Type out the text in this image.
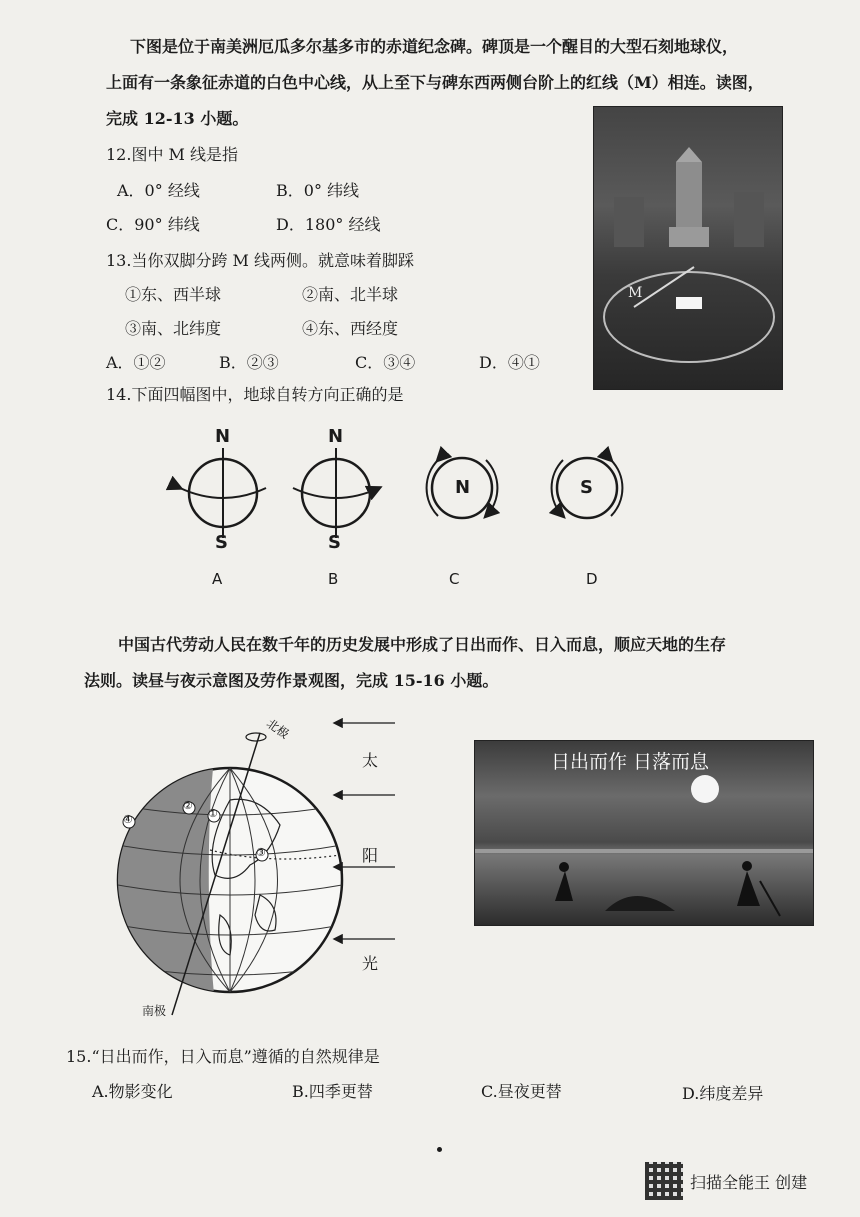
下图是位于南美洲厄瓜多尔基多市的赤道纪念碑。碑顶是一个醒目的大型石刻地球仪，
上面有一条象征赤道的白色中心线，从上至下与碑东西两侧台阶上的红线（M）相连。读图，
完成 12-13 小题。
M
12.图中 M 线是指
A．0° 经线	B．0° 纬线
C．90° 纬线	D．180° 经线
13.当你双脚分跨 M 线两侧。就意味着脚踩
①东、西半球	②南、北半球
③南、北纬度	④东、西经度
A．①②	B．②③	C．③④	D．④①
14.下面四幅图中，地球自转方向正确的是
N
S
A
N
S
B
N
C
S
D
中国古代劳动人民在数千年的历史发展中形成了日出而作、日入而息，顺应天地的生存
法则。读昼与夜示意图及劳作景观图，完成 15-16 小题。
北极
南极
②
①
③
④
太
阳
光
日出而作 日落而息
15.“日出而作，日入而息”遵循的自然规律是
A.物影变化	B.四季更替	C.昼夜更替	D.纬度差异
扫描全能王 创建
